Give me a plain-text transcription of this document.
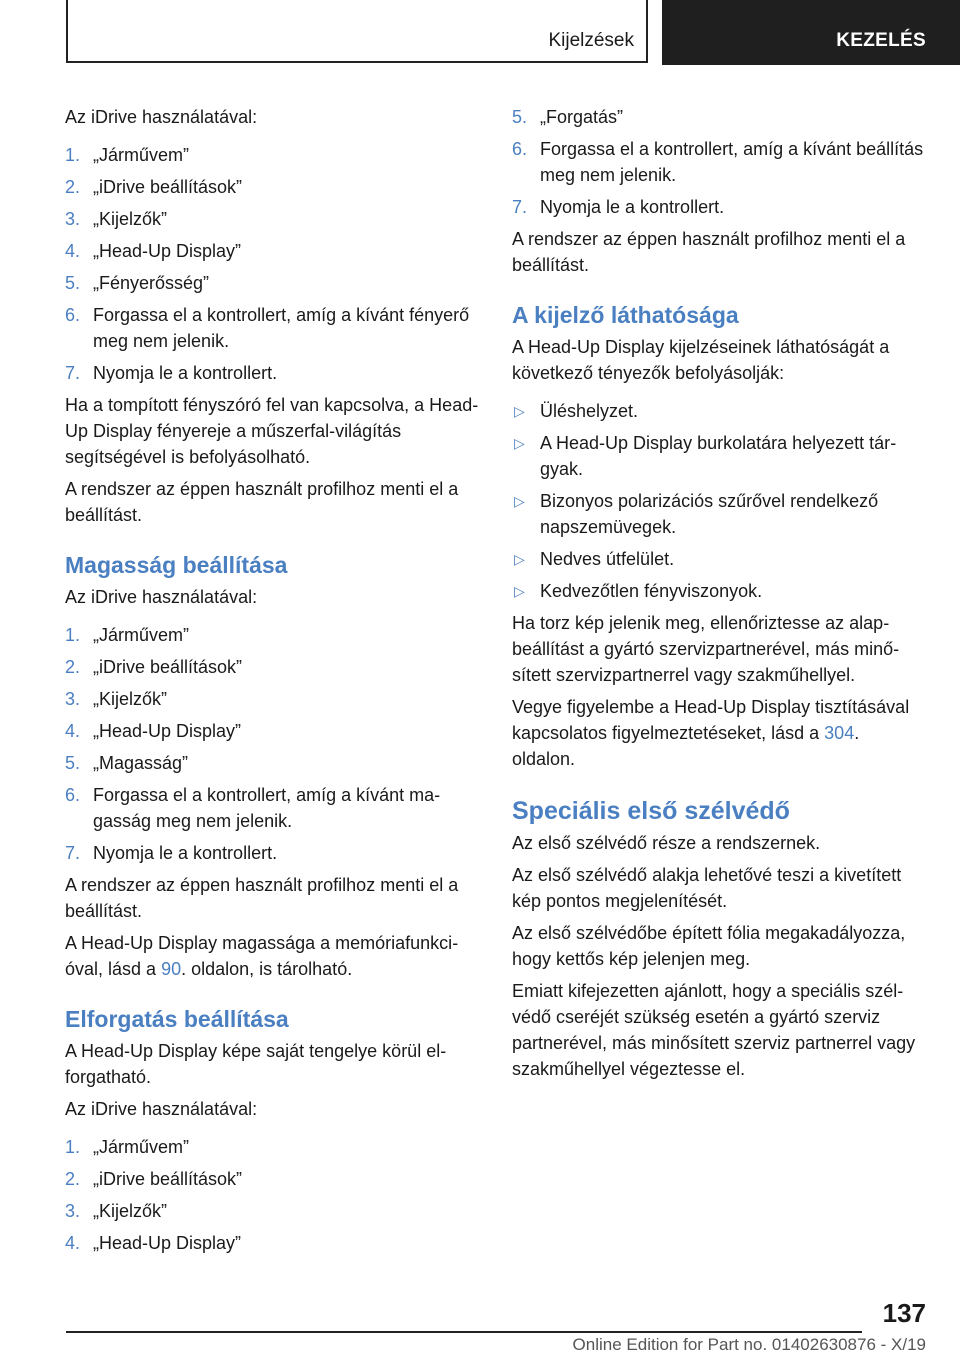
Kijelzések	KEZELÉS

Az iDrive használatával:

1. „Járművem”
2. „iDrive beállítások”
3. „Kijelzők”
4. „Head-Up Display”
5. „Fényerősség”
6. Forgassa el a kontrollert, amíg a kívánt fényerő meg nem jelenik.
7. Nyomja le a kontrollert.

Ha a tompított fényszóró fel van kapcsolva, a Head-Up Display fényereje a műszerfal-világítás segítségével is befolyásolható.

A rendszer az éppen használt profilhoz menti el a beállítást.

Magasság beállítása

Az iDrive használatával:

1. „Járművem”
2. „iDrive beállítások”
3. „Kijelzők”
4. „Head-Up Display”
5. „Magasság”
6. Forgassa el a kontrollert, amíg a kívánt magasság meg nem jelenik.
7. Nyomja le a kontrollert.

A rendszer az éppen használt profilhoz menti el a beállítást.

A Head-Up Display magassága a memóriafunkcióval, lásd a 90. oldalon, is tárolható.

Elforgatás beállítása

A Head-Up Display képe saját tengelye körül elforgatható.

Az iDrive használatával:

1. „Járművem”
2. „iDrive beállítások”
3. „Kijelzők”
4. „Head-Up Display”
5. „Forgatás”
6. Forgassa el a kontrollert, amíg a kívánt beállítás meg nem jelenik.
7. Nyomja le a kontrollert.

A rendszer az éppen használt profilhoz menti el a beállítást.

A kijelző láthatósága

A Head-Up Display kijelzéseinek láthatóságát a következő tényezők befolyásolják:

▷ Üléshelyzet.
▷ A Head-Up Display burkolatára helyezett tárgyak.
▷ Bizonyos polarizációs szűrővel rendelkező napszemüvegek.
▷ Nedves útfelület.
▷ Kedvezőtlen fényviszonyok.

Ha torz kép jelenik meg, ellenőriztesse az alapbeállítást a gyártó szervizpartnerével, más minősített szervizpartnerrel vagy szakműhellyel.

Vegye figyelembe a Head-Up Display tisztításával kapcsolatos figyelmeztetéseket, lásd a 304. oldalon.

Speciális első szélvédő

Az első szélvédő része a rendszernek.

Az első szélvédő alakja lehetővé teszi a kivetített kép pontos megjelenítését.

Az első szélvédőbe épített fólia megakadályozza, hogy kettős kép jelenjen meg.

Emiatt kifejezetten ajánlott, hogy a speciális szélvédő cseréjét szükség esetén a gyártó szerviz partnerével, más minősített szerviz partnerrel vagy szakműhellyel végeztesse el.

137
Online Edition for Part no. 01402630876 - X/19
